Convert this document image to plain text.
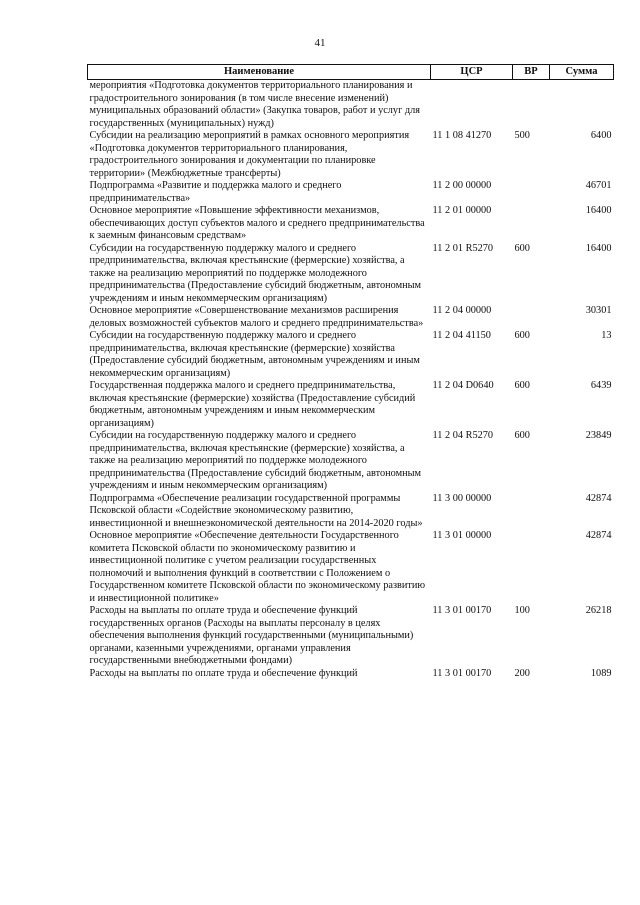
41
Наименование	ЦСР	ВР	Сумма
мероприятия «Подготовка документов территориального планирования и градостроительного зонирования (в том числе внесение изменений) муниципальных образований области» (Закупка товаров, работ и услуг для государственных (муниципальных) нужд)			
Субсидии на реализацию мероприятий в рамках основного мероприятия «Подготовка документов территориального планирования, градостроительного зонирования и документации по планировке территории» (Межбюджетные трансферты)	11 1 08 41270	500	6400
Подпрограмма «Развитие и поддержка малого и среднего предпринимательства»	11 2 00 00000		46701
Основное мероприятие «Повышение эффективности механизмов, обеспечивающих доступ субъектов малого и среднего предпринимательства к заемным финансовым средствам»	11 2 01 00000		16400
Субсидии на государственную поддержку малого и среднего предпринимательства, включая крестьянские (фермерские) хозяйства, а также на реализацию мероприятий по поддержке молодежного предпринимательства (Предоставление субсидий бюджетным, автономным учреждениям и иным некоммерческим организациям)	11 2 01 R5270	600	16400
Основное мероприятие «Совершенствование механизмов расширения деловых возможностей субъектов малого и среднего предпринимательства»	11 2 04 00000		30301
Субсидии на государственную поддержку малого и среднего предпринимательства, включая крестьянские (фермерские) хозяйства (Предоставление субсидий бюджетным, автономным учреждениям и иным некоммерческим организациям)	11 2 04 41150	600	13
Государственная поддержка малого и среднего предпринимательства, включая крестьянские (фермерские) хозяйства (Предоставление субсидий бюджетным, автономным учреждениям и иным некоммерческим организациям)	11 2 04 D0640	600	6439
Субсидии на государственную поддержку малого и среднего предпринимательства, включая крестьянские (фермерские) хозяйства, а также на реализацию мероприятий по поддержке молодежного предпринимательства (Предоставление субсидий бюджетным, автономным учреждениям и иным некоммерческим организациям)	11 2 04 R5270	600	23849
Подпрограмма «Обеспечение реализации государственной программы Псковской области «Содействие экономическому развитию, инвестиционной и внешнеэкономической деятельности на 2014-2020 годы»	11 3 00 00000		42874
Основное мероприятие «Обеспечение деятельности Государственного комитета Псковской области по экономическому развитию и инвестиционной политике с учетом реализации государственных полномочий и выполнения функций в соответствии с Положением о Государственном комитете Псковской области по экономическому развитию и инвестиционной политике»	11 3 01 00000		42874
Расходы на выплаты по оплате труда и обеспечение функций государственных органов (Расходы на выплаты персоналу в целях обеспечения выполнения функций государственными (муниципальными) органами, казенными учреждениями, органами управления государственными внебюджетными фондами)	11 3 01 00170	100	26218
Расходы на выплаты по оплате труда и обеспечение функций	11 3 01 00170	200	1089
